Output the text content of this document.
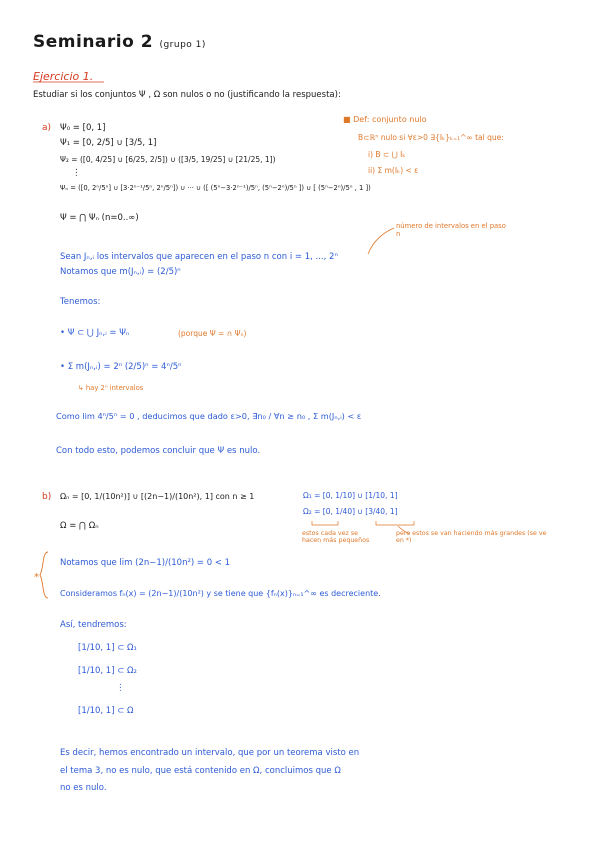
Seminario 2 (grupo 1)
Ejercicio 1.
Estudiar si los conjuntos Ψ , Ω son nulos o no (justificando la respuesta):
a) Ψ₀ = [0, 1]
Ψ₁ = [0, 2/5] ∪ [3/5, 1]
Ψ₂ = ([0, 4/25] ∪ [6/25, 2/5]) ∪ ([3/5, 19/25] ∪ [21/25, 1])
⋮
Ψₙ = ([0, 2ⁿ/5ⁿ] ∪ [3·2ⁿ⁻¹/5ⁿ, 2ⁿ/5ⁿ]) ∪ ··· ∪ ([ (5ⁿ−3·2ⁿ⁻¹)/5ⁿ, (5ⁿ−2ⁿ)/5ⁿ ]) ∪ [ (5ⁿ−2ⁿ)/5ⁿ , 1 ])
Ψ = ⋂ Ψₙ (n=0..∞)
■ Def: conjunto nulo
B⊂ℝⁿ nulo si ∀ε>0 ∃{Iₖ}ₖ₌₁^∞ tal que:
i) B ⊂ ⋃ Iₖ
ii) Σ m(Iₖ) < ε
número de intervalos en el paso n
Sean Jₙ,ᵢ los intervalos que aparecen en el paso n con i = 1, ..., 2ⁿ
Notamos que m(Jₙ,ᵢ) = (2/5)ⁿ
Tenemos:
• Ψ ⊂ ⋃ Jₙ,ᵢ = Ψₙ	(porque Ψ = ∩ Ψₙ)
• Σ m(Jₙ,ᵢ) = 2ⁿ (2/5)ⁿ = 4ⁿ/5ⁿ
↳ hay 2ⁿ intervalos
Como lim 4ⁿ/5ⁿ = 0 , deducimos que dado ε>0, ∃n₀ / ∀n ≥ n₀ , Σ m(Jₙ,ᵢ) < ε
Con todo esto, podemos concluir que Ψ es nulo.
b) Ωₙ = [0, 1/(10n²)] ∪ [(2n−1)/(10n²), 1] con n ≥ 1
Ω = ⋂ Ωₙ
Ω₁ = [0, 1/10] ∪ [1/10, 1]
Ω₂ = [0, 1/40] ∪ [3/40, 1]
estos cada vez se hacen más pequeños
pero estos se van haciendo más grandes (se ve en *)
*
Notamos que lim (2n−1)/(10n²) = 0 < 1
Consideramos fₙ(x) = (2n−1)/(10n²) y se tiene que {fₙ(x)}ₙ₌₁^∞ es decreciente.
Así, tendremos:
[1/10, 1] ⊂ Ω₁
[1/10, 1] ⊂ Ω₂
⋮
[1/10, 1] ⊂ Ω
Es decir, hemos encontrado un intervalo, que por un teorema visto en
el tema 3, no es nulo, que está contenido en Ω, concluimos que Ω
no es nulo.
